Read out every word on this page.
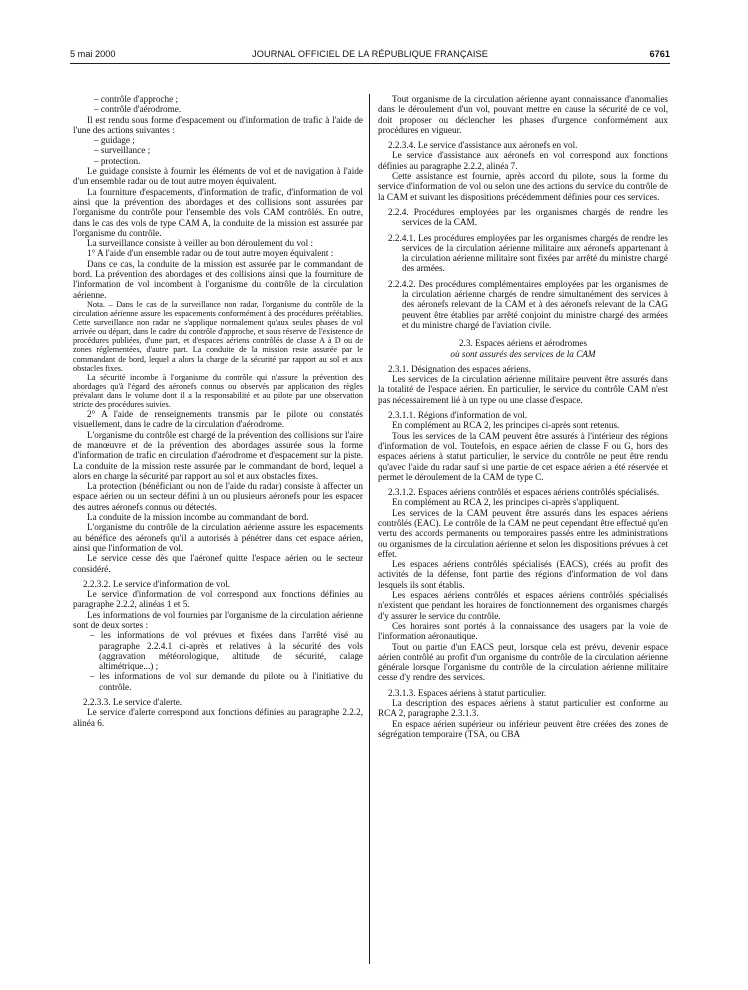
5 mai 2000	JOURNAL OFFICIEL DE LA RÉPUBLIQUE FRANÇAISE	6761

– contrôle d'approche ;

– contrôle d'aérodrome.

Il est rendu sous forme d'espacement ou d'information de trafic à l'aide de l'une des actions suivantes :

– guidage ;

– surveillance ;

– protection.

Le guidage consiste à fournir les éléments de vol et de navigation à l'aide d'un ensemble radar ou de tout autre moyen équivalent.

La fourniture d'espacements, d'information de trafic, d'information de vol ainsi que la prévention des abordages et des collisions sont assurées par l'organisme du contrôle pour l'ensemble des vols CAM contrôlés. En outre, dans le cas des vols de type CAM A, la conduite de la mission est assurée par l'organisme du contrôle.

La surveillance consiste à veiller au bon déroulement du vol :

1° A l'aide d'un ensemble radar ou de tout autre moyen équivalent :

Dans ce cas, la conduite de la mission est assurée par le commandant de bord. La prévention des abordages et des collisions ainsi que la fourniture de l'information de vol incombent à l'organisme du contrôle de la circulation aérienne.

Nota. – Dans le cas de la surveillance non radar, l'organisme du contrôle de la circulation aérienne assure les espacements conformément à des procédures préétablies. Cette surveillance non radar ne s'applique normalement qu'aux seules phases de vol arrivée ou départ, dans le cadre du contrôle d'approche, et sous réserve de l'existence de procédures publiées, d'une part, et d'espaces aériens contrôlés de classe A à D ou de zones réglementées, d'autre part. La conduite de la mission reste assurée par le commandant de bord, lequel a alors la charge de la sécurité par rapport au sol et aux obstacles fixes.

La sécurité incombe à l'organisme du contrôle qui n'assure la prévention des abordages qu'à l'égard des aéronefs connus ou observés par application des règles prévalant dans le volume dont il a la responsabilité et au pilote par une observation stricte des procédures suivies.

2° A l'aide de renseignements transmis par le pilote ou constatés visuellement, dans le cadre de la circulation d'aérodrome.

L'organisme du contrôle est chargé de la prévention des collisions sur l'aire de manœuvre et de la prévention des abordages assurée sous la forme d'information de trafic en circulation d'aérodrome et d'espacement sur la piste. La conduite de la mission reste assurée par le commandant de bord, lequel a alors en charge la sécurité par rapport au sol et aux obstacles fixes.

La protection (bénéficiant ou non de l'aide du radar) consiste à affecter un espace aérien ou un secteur défini à un ou plusieurs aéronefs pour les espacer des autres aéronefs connus ou détectés.

La conduite de la mission incombe au commandant de bord.

L'organisme du contrôle de la circulation aérienne assure les espacements au bénéfice des aéronefs qu'il a autorisés à pénétrer dans cet espace aérien, ainsi que l'information de vol.

Le service cesse dès que l'aéronef quitte l'espace aérien ou le secteur considéré.

2.2.3.2. Le service d'information de vol.

Le service d'information de vol correspond aux fonctions définies au paragraphe 2.2.2, alinéas 1 et 5.

Les informations de vol fournies par l'organisme de la circulation aérienne sont de deux sortes :

– les informations de vol prévues et fixées dans l'arrêté visé au paragraphe 2.2.4.1 ci-après et relatives à la sécurité des vols (aggravation météorologique, altitude de sécurité, calage altimétrique...) ;

– les informations de vol sur demande du pilote ou à l'initiative du contrôle.

2.2.3.3. Le service d'alerte.

Le service d'alerte correspond aux fonctions définies au paragraphe 2.2.2, alinéa 6.

Tout organisme de la circulation aérienne ayant connaissance d'anomalies dans le déroulement d'un vol, pouvant mettre en cause la sécurité de ce vol, doit proposer ou déclencher les phases d'urgence conformément aux procédures en vigueur.

2.2.3.4. Le service d'assistance aux aéronefs en vol.

Le service d'assistance aux aéronefs en vol correspond aux fonctions définies au paragraphe 2.2.2, alinéa 7.

Cette assistance est fournie, après accord du pilote, sous la forme du service d'information de vol ou selon une des actions du service du contrôle de la CAM et suivant les dispositions précédemment définies pour ces services.

2.2.4. Procédures employées par les organismes chargés de rendre les services de la CAM.

2.2.4.1. Les procédures employées par les organismes chargés de rendre les services de la circulation aérienne militaire aux aéronefs appartenant à la circulation aérienne militaire sont fixées par arrêté du ministre chargé des armées.

2.2.4.2. Des procédures complémentaires employées par les organismes de la circulation aérienne chargés de rendre simultanément des services à des aéronefs relevant de la CAM et à des aéronefs relevant de la CAG peuvent être établies par arrêté conjoint du ministre chargé des armées et du ministre chargé de l'aviation civile.

2.3. Espaces aériens et aérodromes
où sont assurés des services de la CAM

2.3.1. Désignation des espaces aériens.

Les services de la circulation aérienne militaire peuvent être assurés dans la totalité de l'espace aérien. En particulier, le service du contrôle CAM n'est pas nécessairement lié à un type ou une classe d'espace.

2.3.1.1. Régions d'information de vol.

En complément au RCA 2, les principes ci-après sont retenus.

Tous les services de la CAM peuvent être assurés à l'intérieur des régions d'information de vol. Toutefois, en espace aérien de classe F ou G, hors des espaces aériens à statut particulier, le service du contrôle ne peut être rendu qu'avec l'aide du radar sauf si une partie de cet espace aérien a été réservée et permet le déroulement de la CAM de type C.

2.3.1.2. Espaces aériens contrôlés et espaces aériens contrôlés spécialisés.

En complément au RCA 2, les principes ci-après s'appliquent.

Les services de la CAM peuvent être assurés dans les espaces aériens contrôlés (EAC). Le contrôle de la CAM ne peut cependant être effectué qu'en vertu des accords permanents ou temporaires passés entre les administrations ou organismes de la circulation aérienne et selon les dispositions prévues à cet effet.

Les espaces aériens contrôlés spécialisés (EACS), créés au profit des activités de la défense, font partie des régions d'information de vol dans lesquels ils sont établis.

Les espaces aériens contrôlés et espaces aériens contrôlés spécialisés n'existent que pendant les horaires de fonctionnement des organismes chargés d'y assurer le service du contrôle.

Ces horaires sont portés à la connaissance des usagers par la voie de l'information aéronautique.

Tout ou partie d'un EACS peut, lorsque cela est prévu, devenir espace aérien contrôlé au profit d'un organisme du contrôle de la circulation aérienne générale lorsque l'organisme du contrôle de la circulation aérienne militaire cesse d'y rendre des services.

2.3.1.3. Espaces aériens à statut particulier.

La description des espaces aériens à statut particulier est conforme au RCA 2, paragraphe 2.3.1.3.

En espace aérien supérieur ou inférieur peuvent être créées des zones de ségrégation temporaire (TSA, ou CBA
